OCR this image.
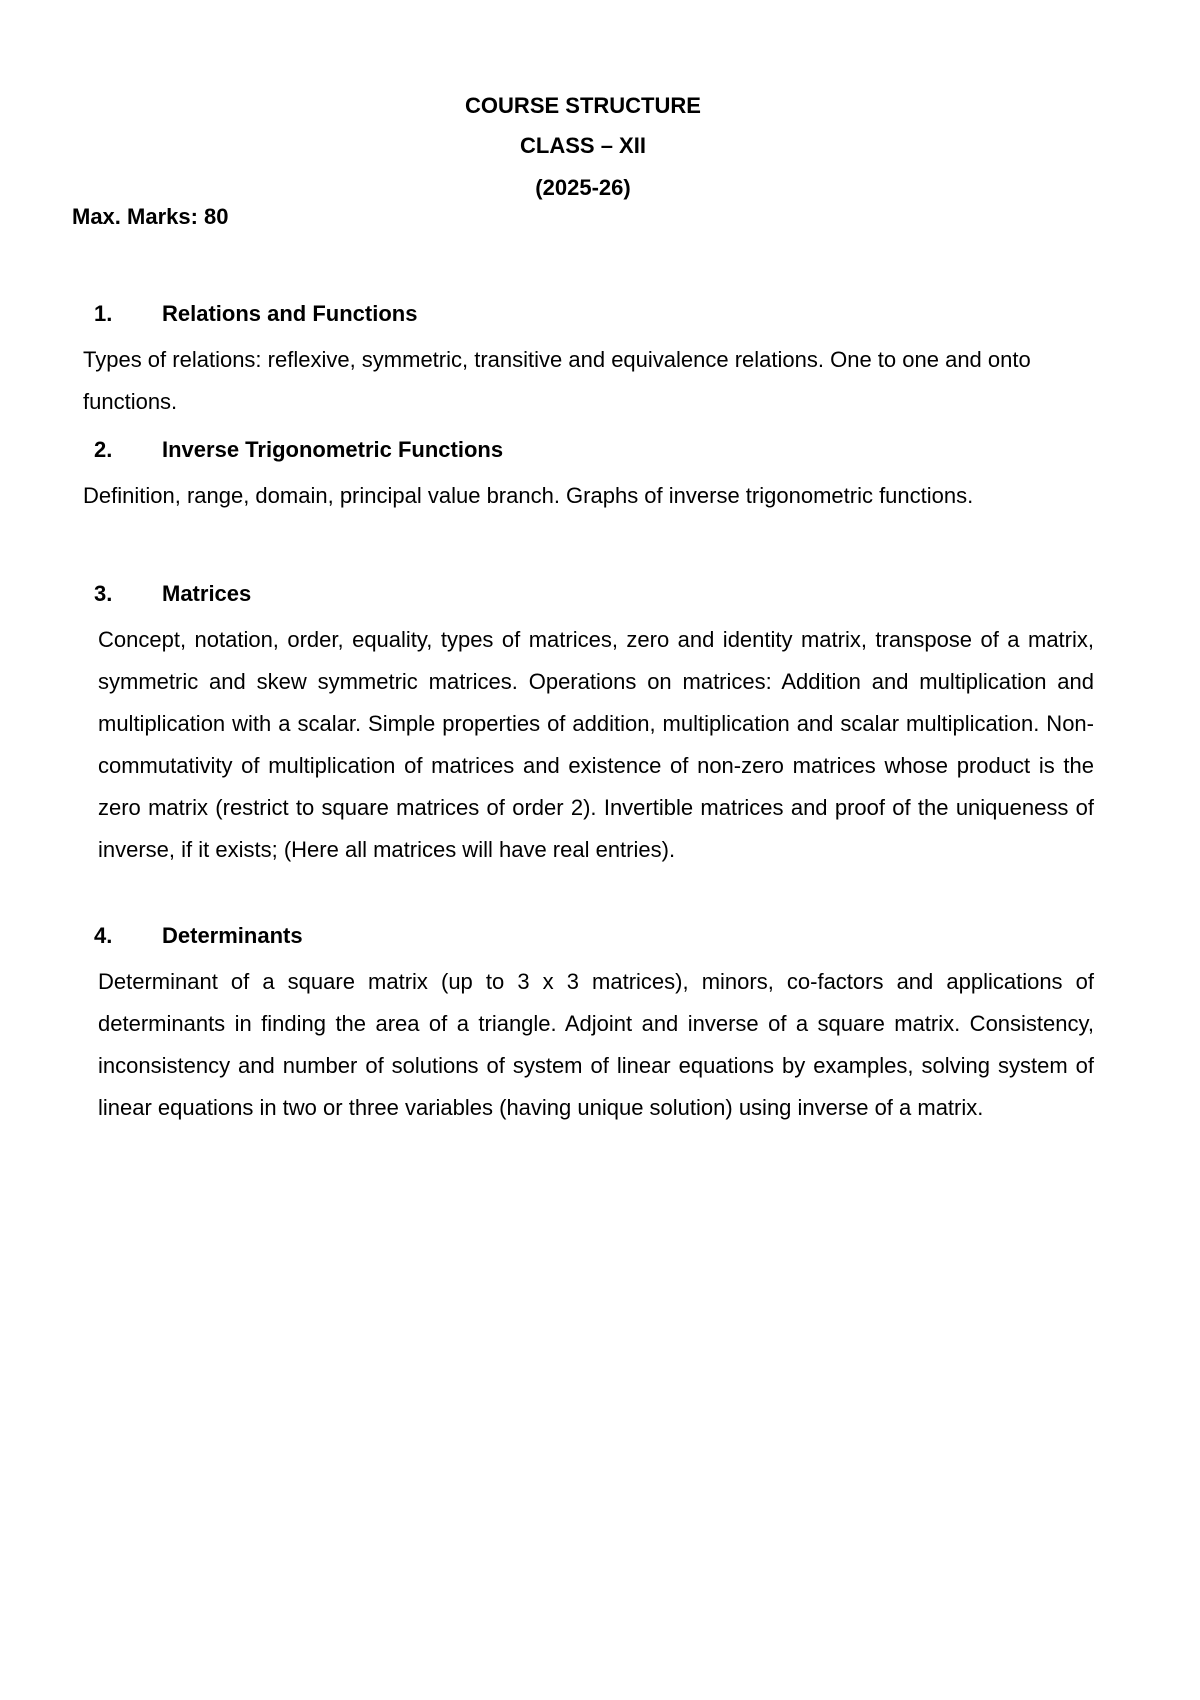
COURSE STRUCTURE

CLASS – XII

(2025-26)

Max. Marks: 80

1. Relations and Functions

Types of relations: reflexive, symmetric, transitive and equivalence relations. One to one and onto functions.

2. Inverse Trigonometric Functions

Definition, range, domain, principal value branch. Graphs of inverse trigonometric functions.

3. Matrices

Concept, notation, order, equality, types of matrices, zero and identity matrix, transpose of a matrix, symmetric and skew symmetric matrices. Operations on matrices: Addition and multiplication and multiplication with a scalar. Simple properties of addition, multiplication and scalar multiplication. Non- commutativity of multiplication of matrices and existence of non-zero matrices whose product is the zero matrix (restrict to square matrices of order 2). Invertible matrices and proof of the uniqueness of inverse, if it exists; (Here all matrices will have real entries).

4. Determinants

Determinant of a square matrix (up to 3 x 3 matrices), minors, co-factors and applications of determinants in finding the area of a triangle. Adjoint and inverse of a square matrix. Consistency, inconsistency and number of solutions of system of linear equations by examples, solving system of linear equations in two or three variables (having unique solution) using inverse of a matrix.
